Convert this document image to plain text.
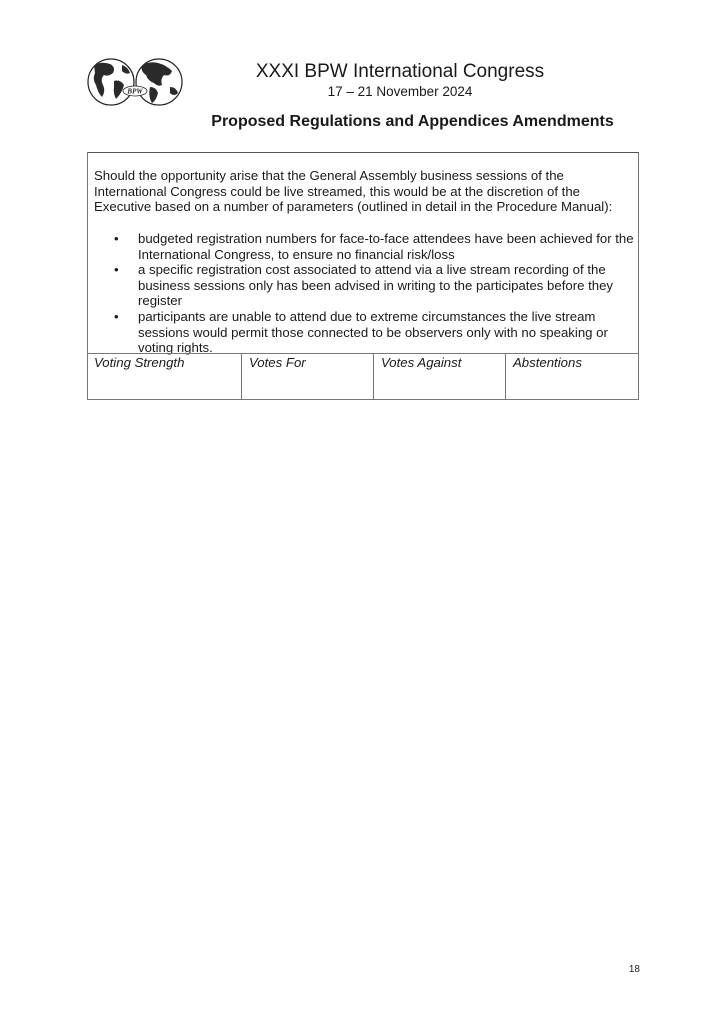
BPW
XXXI BPW International Congress
17 – 21 November 2024
Proposed Regulations and Appendices Amendments
Should the opportunity arise that the General Assembly business sessions of the International Congress could be live streamed, this would be at the discretion of the Executive based on a number of parameters (outlined in detail in the Procedure Manual):
• budgeted registration numbers for face-to-face attendees have been achieved for the International Congress, to ensure no financial risk/loss
• a specific registration cost associated to attend via a live stream recording of the business sessions only has been advised in writing to the participates before they register
• participants are unable to attend due to extreme circumstances the live stream sessions would permit those connected to be observers only with no speaking or voting rights.
Voting Strength	Votes For	Votes Against	Abstentions
18
